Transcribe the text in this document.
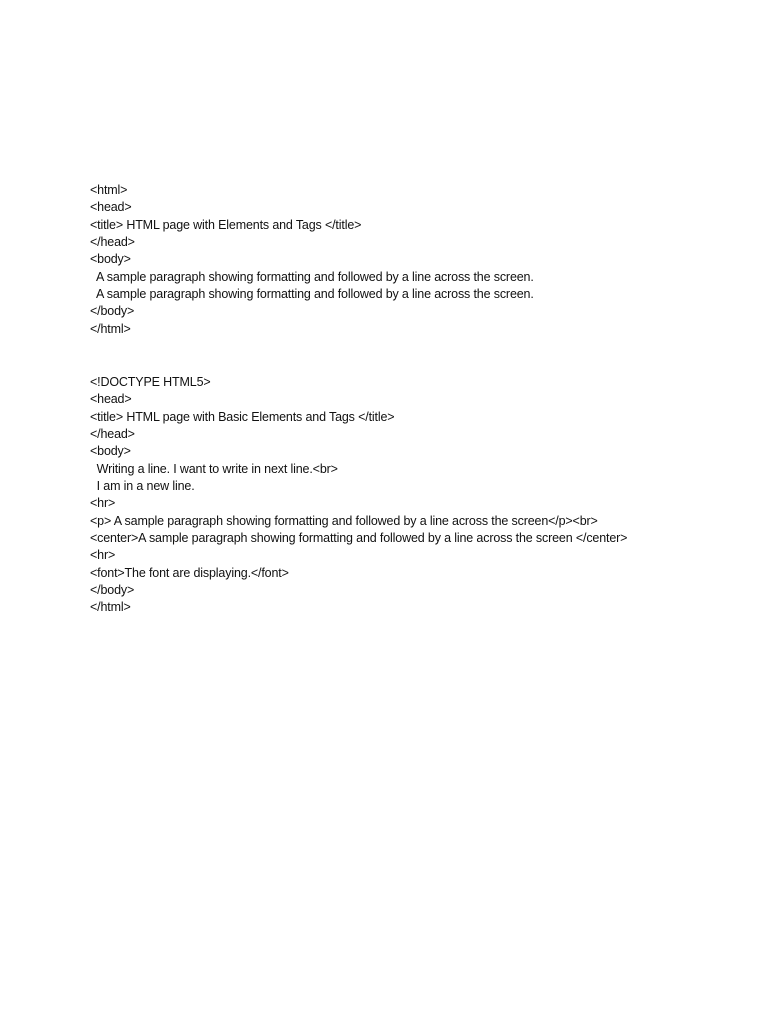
<html>
<head>
<title> HTML page with Elements and Tags </title>
</head>
<body>
A sample paragraph showing formatting and followed by a line across the screen.
A sample paragraph showing formatting and followed by a line across the screen.
</body>
</html>
<!DOCTYPE HTML5>
<head>
<title> HTML page with Basic Elements and Tags </title>
</head>
<body>
Writing a line. I want to write in next line.<br>
I am in a new line.
<hr>
<p> A sample paragraph showing formatting and followed by a line across the screen</p><br>
<center>A sample paragraph showing formatting and followed by a line across the screen </center>
<hr>
<font>The font are displaying.</font>
</body>
</html>
